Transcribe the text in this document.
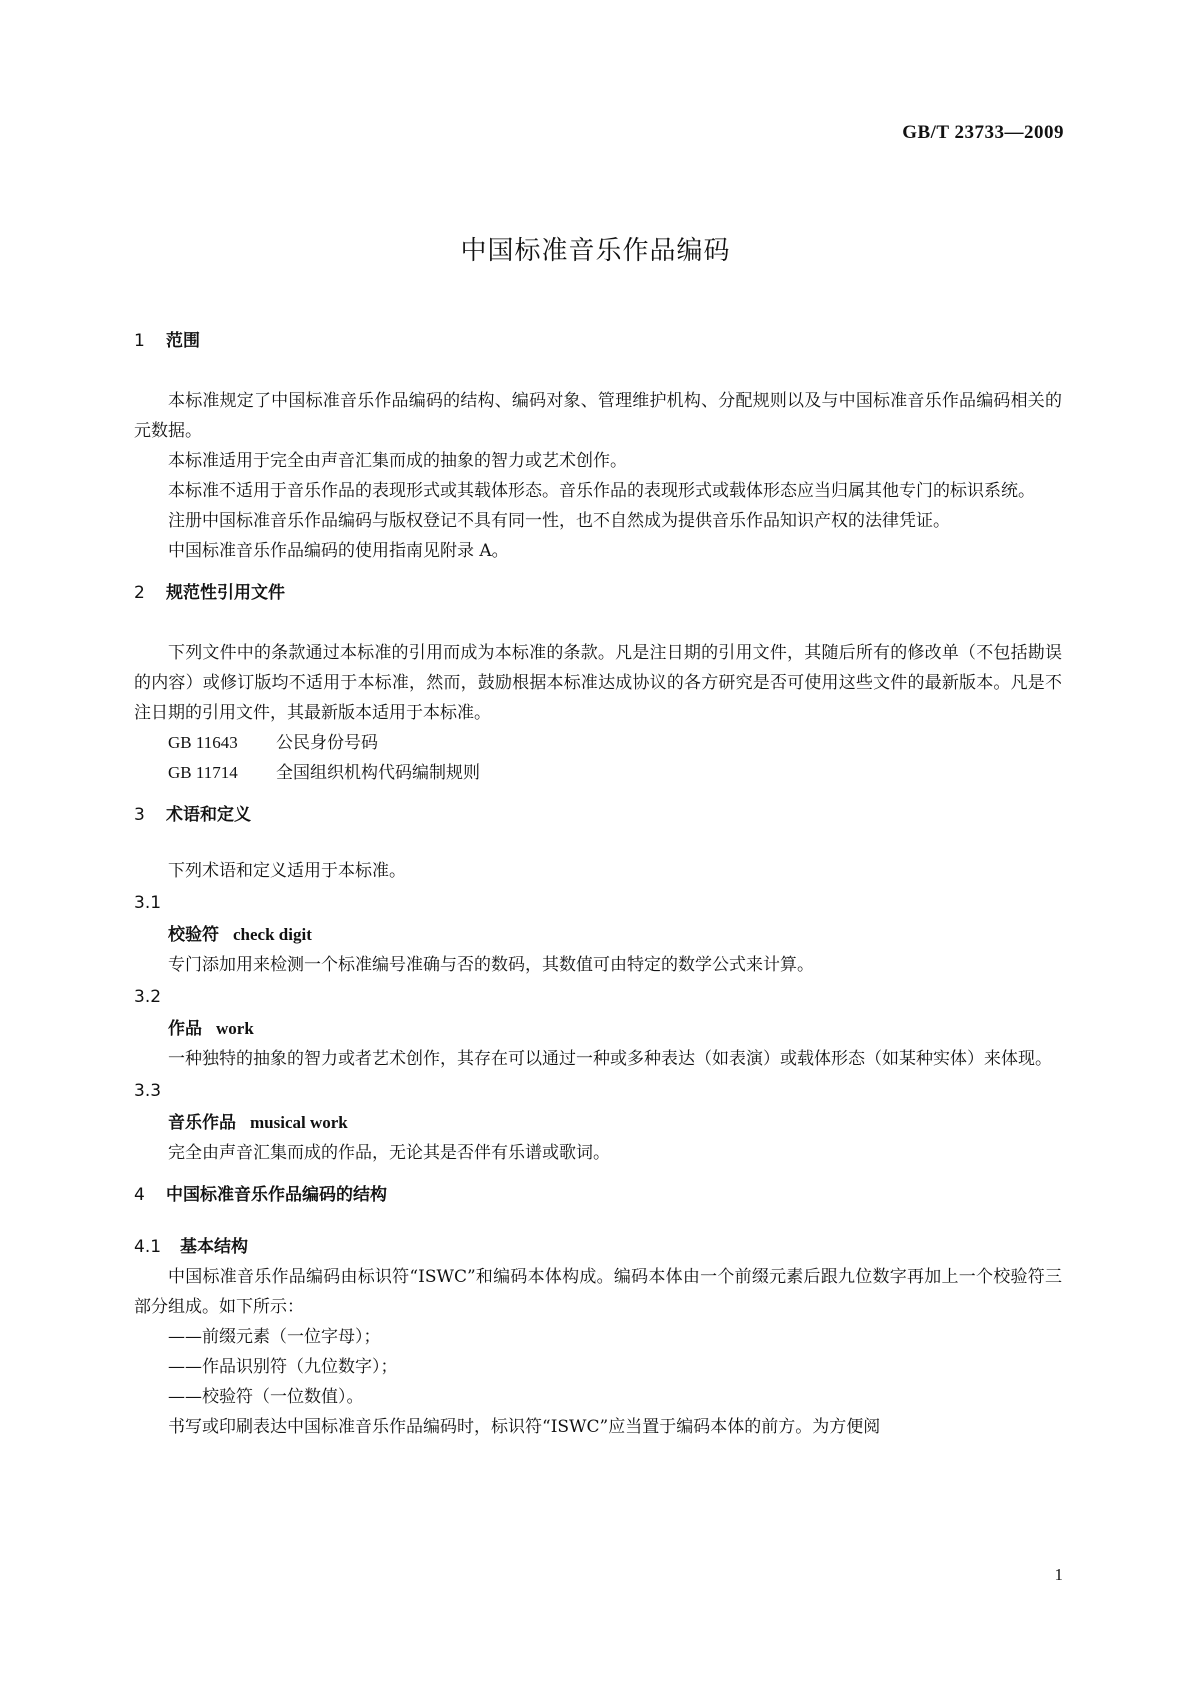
GB/T 23733—2009
中国标准音乐作品编码
1 范围

本标准规定了中国标准音乐作品编码的结构、编码对象、管理维护机构、分配规则以及与中国标准音乐作品编码相关的元数据。

本标准适用于完全由声音汇集而成的抽象的智力或艺术创作。

本标准不适用于音乐作品的表现形式或其载体形态。音乐作品的表现形式或载体形态应当归属其他专门的标识系统。

注册中国标准音乐作品编码与版权登记不具有同一性，也不自然成为提供音乐作品知识产权的法律凭证。

中国标准音乐作品编码的使用指南见附录 A。

2 规范性引用文件

下列文件中的条款通过本标准的引用而成为本标准的条款。凡是注日期的引用文件，其随后所有的修改单（不包括勘误的内容）或修订版均不适用于本标准，然而，鼓励根据本标准达成协议的各方研究是否可使用这些文件的最新版本。凡是不注日期的引用文件，其最新版本适用于本标准。

GB 11643 公民身份号码
GB 11714 全国组织机构代码编制规则
3 术语和定义

下列术语和定义适用于本标准。

3.1
校验符 check digit

专门添加用来检测一个标准编号准确与否的数码，其数值可由特定的数学公式来计算。

3.2
作品 work

一种独特的抽象的智力或者艺术创作，其存在可以通过一种或多种表达（如表演）或载体形态（如某种实体）来体现。

3.3
音乐作品 musical work

完全由声音汇集而成的作品，无论其是否伴有乐谱或歌词。

4 中国标准音乐作品编码的结构
4.1 基本结构

中国标准音乐作品编码由标识符“ISWC”和编码本体构成。编码本体由一个前缀元素后跟九位数字再加上一个校验符三部分组成。如下所示：

——前缀元素（一位字母）；
——作品识别符（九位数字）；
——校验符（一位数值）。

书写或印刷表达中国标准音乐作品编码时，标识符“ISWC”应当置于编码本体的前方。为方便阅

1
